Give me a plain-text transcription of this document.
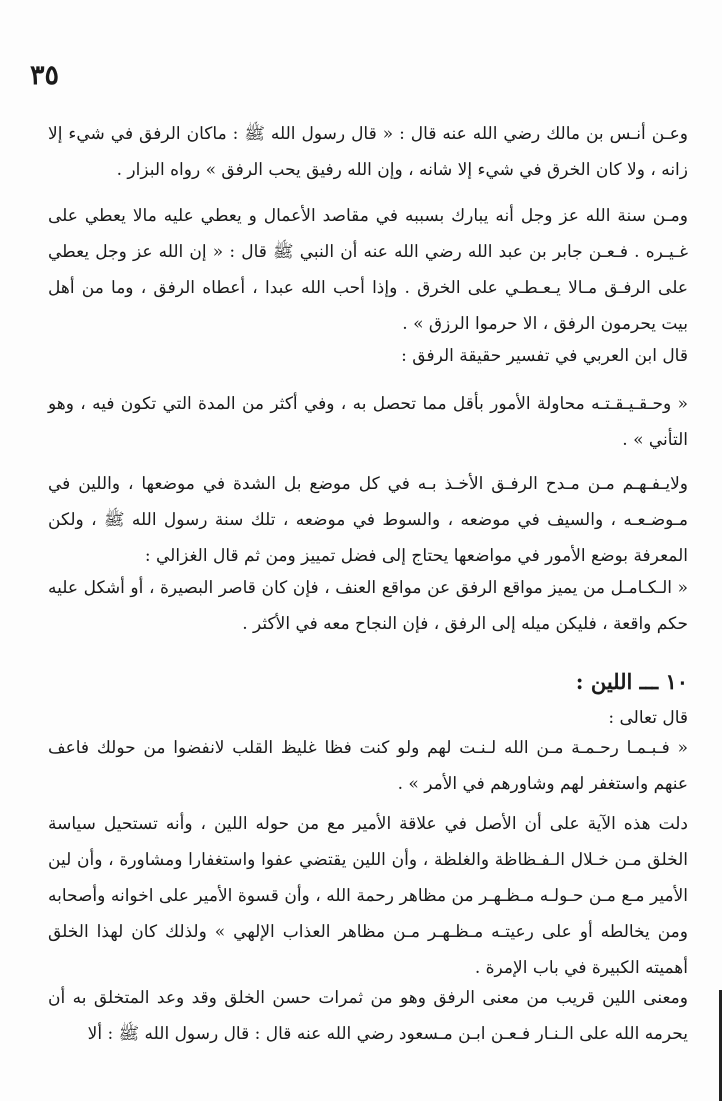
٣٥

وعـن أنـس بن مالك رضي الله عنه قال : « قال رسول الله ﷺ : ماكان الرفق في شيء إلا زانه ، ولا كان الخرق في شيء إلا شانه ، وإن الله رفيق يحب الرفق » رواه البزار .

ومـن سنة الله عز وجل أنه يبارك بسببه في مقاصد الأعمال و يعطي عليه مالا يعطي على غـيـره . فـعـن جابر بن عبد الله رضي الله عنه أن النبي ﷺ قال : « إن الله عز وجل يعطي على الرفـق مـالا يـعـطـي على الخرق . وإذا أحب الله عبدا ، أعطاه الرفق ، وما من أهل بيت يحرمون الرفق ، الا حرموا الرزق » .

قال ابن العربي في تفسير حقيقة الرفق :

« وحـقـيـقـتـه محاولة الأمور بأقل مما تحصل به ، وفي أكثر من المدة التي تكون فيه ، وهو التأني » .

ولايـفـهـم مـن مـدح الرفـق الأخـذ بـه في كل موضع بل الشدة في موضعها ، واللين في مـوضـعـه ، والسيف في موضعه ، والسوط في موضعه ، تلك سنة رسول الله ﷺ ، ولكن المعرفة بوضع الأمور في مواضعها يحتاج إلى فضل تمييز ومن ثم قال الغزالي :

« الـكـامـل من يميز مواقع الرفق عن مواقع العنف ، فإن كان قاصر البصيرة ، أو أشكل عليه حكم واقعة ، فليكن ميله إلى الرفق ، فإن النجاح معه في الأكثر .

١٠ ـــ اللين :

قال تعالى :

« فـبـمـا رحـمـة مـن الله لـنـت لهم ولو كنت فظا غليظ القلب لانفضوا من حولك فاعف عنهم واستغفر لهم وشاورهم في الأمر » .

دلت هذه الآية على أن الأصل في علاقة الأمير مع من حوله اللين ، وأنه تستحيل سياسة الخلق مـن خـلال الـفـظاظة والغلظة ، وأن اللين يقتضي عفوا واستغفارا ومشاورة ، وأن لين الأمير مـع مـن حـولـه مـظـهـر من مظاهر رحمة الله ، وأن قسوة الأمير على اخوانه وأصحابه ومن يخالطه أو على رعيتـه مـظـهـر مـن مظاهر العذاب الإلهي » ولذلك كان لهذا الخلق أهميته الكبيرة في باب الإمرة .

ومعنى اللين قريب من معنى الرفق وهو من ثمرات حسن الخلق وقد وعد المتخلق به أن يحرمه الله على الـنـار فـعـن ابـن مـسعود رضي الله عنه قال : قال رسول الله ﷺ : ألا
